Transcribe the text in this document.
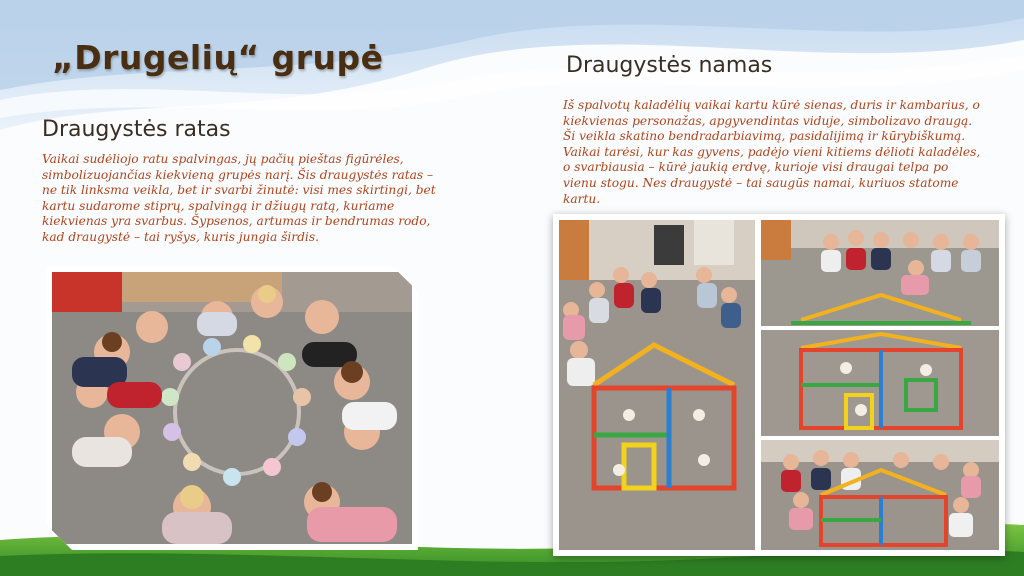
„Drugelių“ grupė
Draugystės ratas

Vaikai sudėliojo ratu spalvingas, jų pačių pieštas figūrėles, simbolizuojančias kiekvieną grupės narį. Šis draugystės ratas – ne tik linksma veikla, bet ir svarbi žinutė: visi mes skirtingi, bet kartu sudarome stiprų, spalvingą ir džiugų ratą, kuriame kiekvienas yra svarbus. Šypsenos, artumas ir bendrumas rodo, kad draugystė – tai ryšys, kuris jungia širdis.

Draugystės namas

Iš spalvotų kaladėlių vaikai kartu kūrė sienas, duris ir kambarius, o kiekvienas personažas, apgyvendintas viduje, simbolizavo draugą. Ši veikla skatino bendradarbiavimą, pasidalijimą ir kūrybiškumą. Vaikai tarėsi, kur kas gyvens, padėjo vieni kitiems dėlioti kaladėles, o svarbiausia – kūrė jaukią erdvę, kurioje visi draugai telpa po vienu stogu. Nes draugystė – tai saugūs namai, kuriuos statome kartu.
